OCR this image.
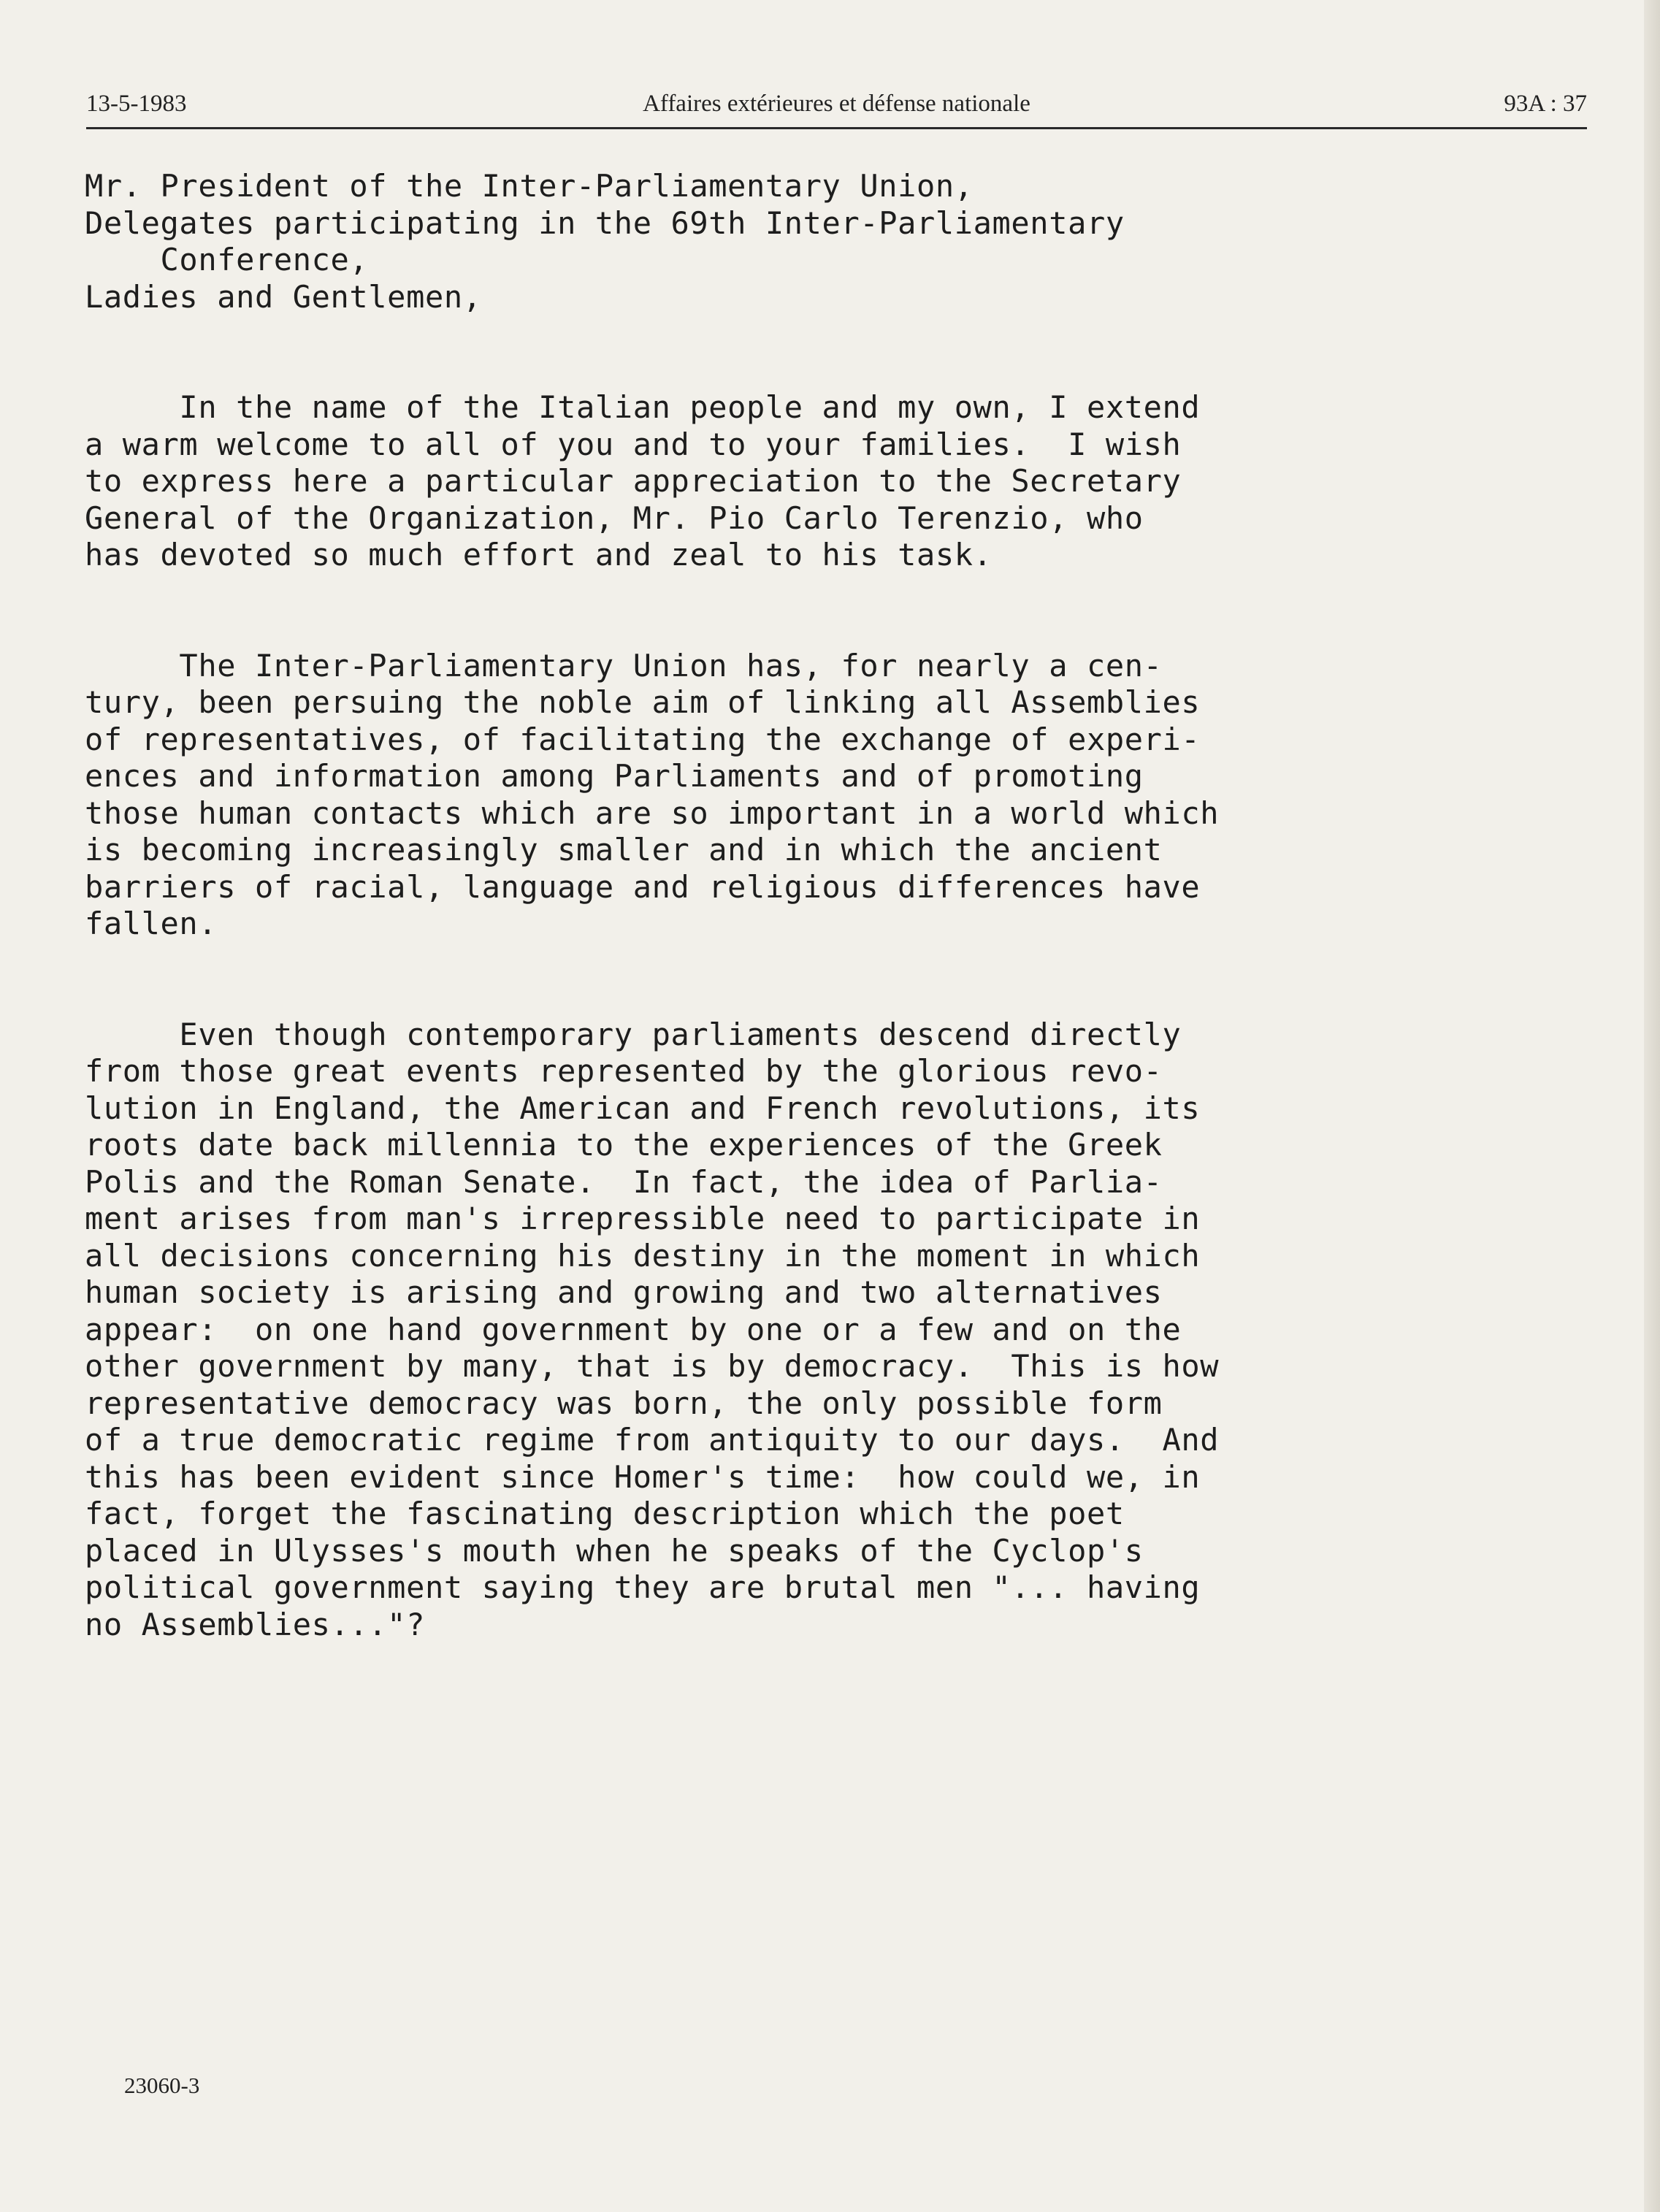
13-5-1983	Affaires extérieures et défense nationale	93A : 37
Mr. President of the Inter-Parliamentary Union,
Delegates participating in the 69th Inter-Parliamentary
Conference,
Ladies and Gentlemen,
In the name of the Italian people and my own, I extend
a warm welcome to all of you and to your families.  I wish
to express here a particular appreciation to the Secretary
General of the Organization, Mr. Pio Carlo Terenzio, who
has devoted so much effort and zeal to his task.
The Inter-Parliamentary Union has, for nearly a cen-
tury, been persuing the noble aim of linking all Assemblies
of representatives, of facilitating the exchange of experi-
ences and information among Parliaments and of promoting
those human contacts which are so important in a world which
is becoming increasingly smaller and in which the ancient
barriers of racial, language and religious differences have
fallen.
Even though contemporary parliaments descend directly
from those great events represented by the glorious revo-
lution in England, the American and French revolutions, its
roots date back millennia to the experiences of the Greek
Polis and the Roman Senate.  In fact, the idea of Parlia-
ment arises from man's irrepressible need to participate in
all decisions concerning his destiny in the moment in which
human society is arising and growing and two alternatives
appear:  on one hand government by one or a few and on the
other government by many, that is by democracy.  This is how
representative democracy was born, the only possible form
of a true democratic regime from antiquity to our days.  And
this has been evident since Homer's time:  how could we, in
fact, forget the fascinating description which the poet
placed in Ulysses's mouth when he speaks of the Cyclop's
political government saying they are brutal men "... having
no Assemblies..."?
23060-3
